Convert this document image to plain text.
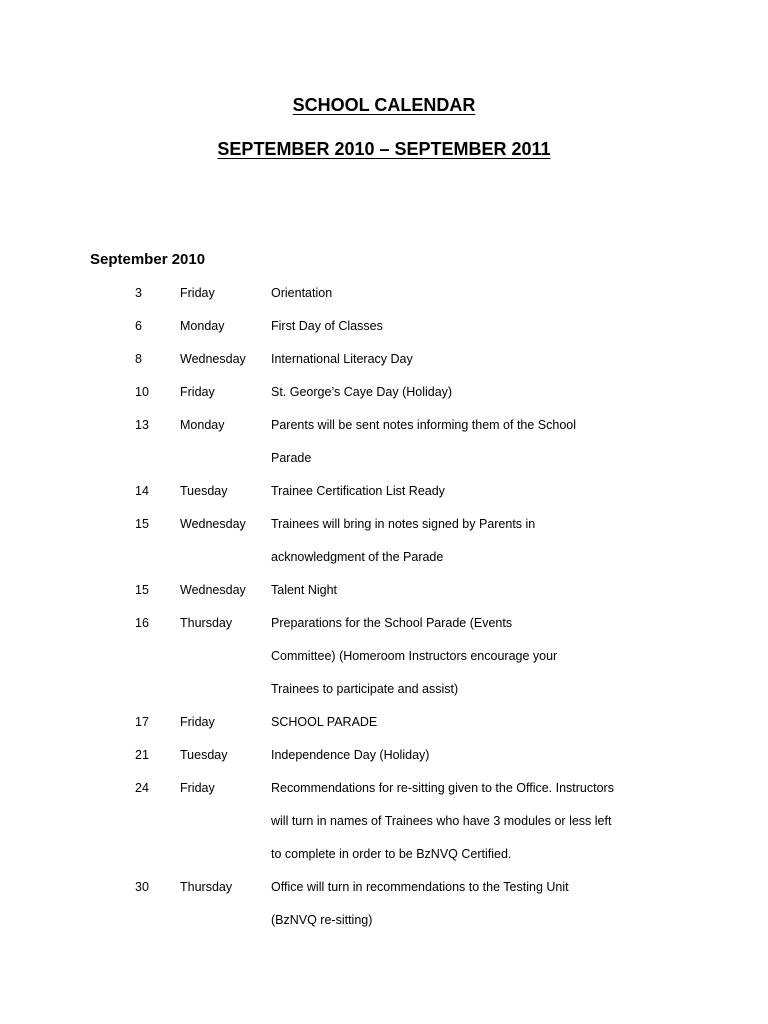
SCHOOL CALENDAR
SEPTEMBER 2010 – SEPTEMBER 2011
September 2010
3	Friday	Orientation
6	Monday	First Day of Classes
8	Wednesday International Literacy Day
10 Friday	St. George’s Caye Day (Holiday)
13 Monday	Parents will be sent notes informing them of the School
Parade
14 Tuesday	Trainee Certification List Ready
15 Wednesday Trainees will bring in notes signed by Parents in
acknowledgment of the Parade
15 Wednesday Talent Night
16 Thursday	Preparations for the School Parade (Events
Committee) (Homeroom Instructors encourage your
Trainees to participate and assist)
17 Friday	SCHOOL PARADE
21 Tuesday	Independence Day (Holiday)
24 Friday	Recommendations for re-sitting given to the Office. Instructors
will turn in names of Trainees who have 3 modules or less left
to complete in order to be BzNVQ Certified.
30 Thursday	Office will turn in recommendations to the Testing Unit
(BzNVQ re-sitting)
